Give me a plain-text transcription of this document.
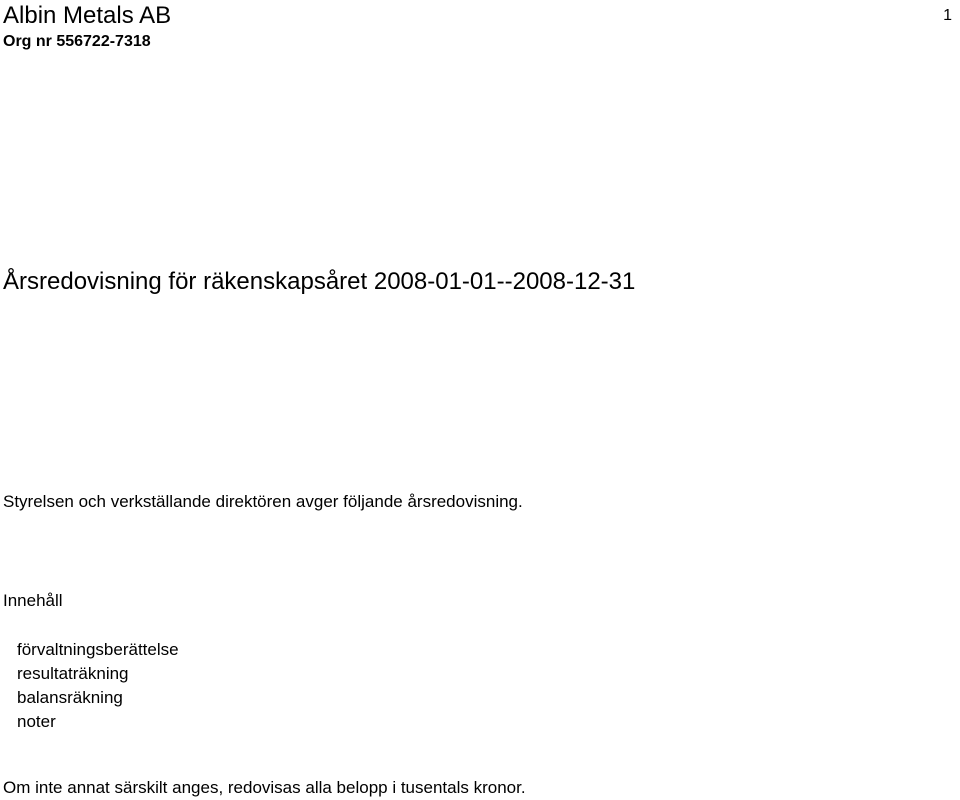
Albin Metals AB
Org nr 556722-7318
1
Årsredovisning för räkenskapsåret 2008-01-01--2008-12-31
Styrelsen och verkställande direktören avger följande årsredovisning.
Innehåll
förvaltningsberättelse
resultaträkning
balansräkning
noter
Om inte annat särskilt anges, redovisas alla belopp i tusentals kronor.
